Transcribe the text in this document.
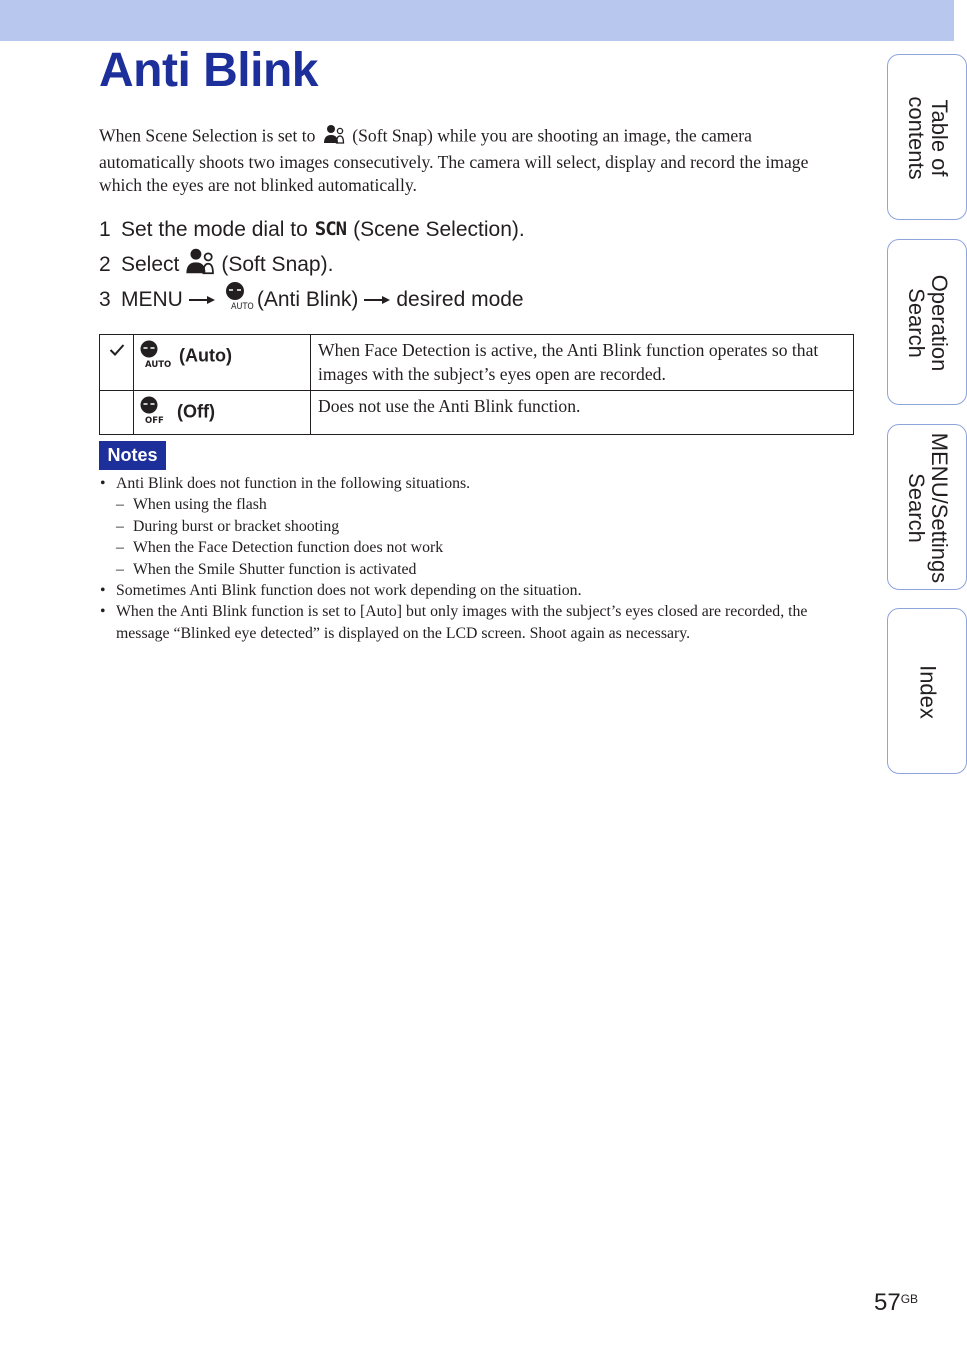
Anti Blink

When Scene Selection is set to (Soft Snap) while you are shooting an image, the camera automatically shoots two images consecutively. The camera will select, display and record the image which the eyes are not blinked automatically.

1 Set the mode dial to SCN (Scene Selection).
2 Select (Soft Snap).
3 MENU	AUTO (Anti Blink) desired mode

AUTO (Auto)	When Face Detection is active, the Anti Blink function operates so that images with the subject’s eyes open are recorded.

OFF (Off)	Does not use the Anti Blink function.
Notes
• Anti Blink does not function in the following situations.
– When using the flash
– During burst or bracket shooting
– When the Face Detection function does not work
– When the Smile Shutter function is activated
• Sometimes Anti Blink function does not work depending on the situation.
• When the Anti Blink function is set to [Auto] but only images with the subject’s eyes closed are recorded, the message “Blinked eye detected” is displayed on the LCD screen. Shoot again as necessary.
Table of
contents
Operation
Search
MENU/Settings
Search
Index
$57^{GB}$
